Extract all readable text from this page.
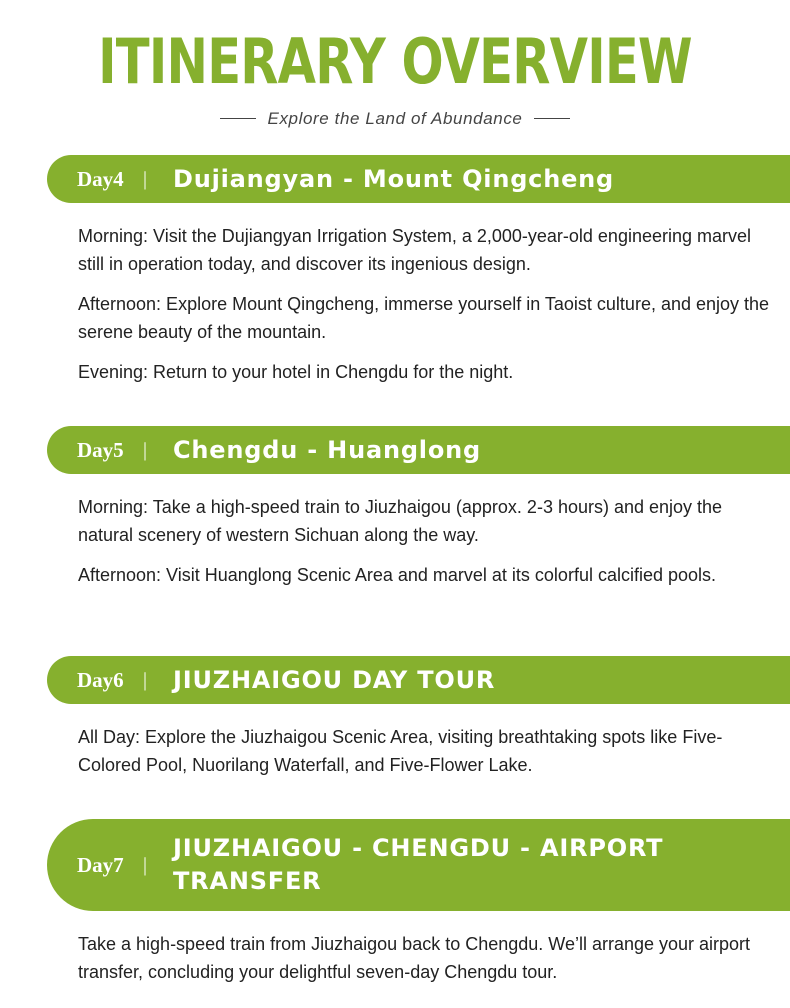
ITINERARY OVERVIEW
Explore the Land of Abundance
Day4 |	Dujiangyan - Mount Qingcheng

Morning: Visit the Dujiangyan Irrigation System, a 2,000-year-old engineering marvel still in operation today, and discover its ingenious design.

Afternoon: Explore Mount Qingcheng, immerse yourself in Taoist culture, and enjoy the serene beauty of the mountain.

Evening: Return to your hotel in Chengdu for the night.

Day5 |	Chengdu - Huanglong

Morning: Take a high-speed train to Jiuzhaigou (approx. 2-3 hours) and enjoy the natural scenery of western Sichuan along the way.

Afternoon: Visit Huanglong Scenic Area and marvel at its colorful calcified pools.

Day6 |	JIUZHAIGOU DAY TOUR

All Day: Explore the Jiuzhaigou Scenic Area, visiting breathtaking spots like Five-Colored Pool, Nuorilang Waterfall, and Five-Flower Lake.

Day7 |
JIUZHAIGOU - CHENGDU - AIRPORT
TRANSFER

Take a high-speed train from Jiuzhaigou back to Chengdu. We’ll arrange your airport transfer, concluding your delightful seven-day Chengdu tour.
